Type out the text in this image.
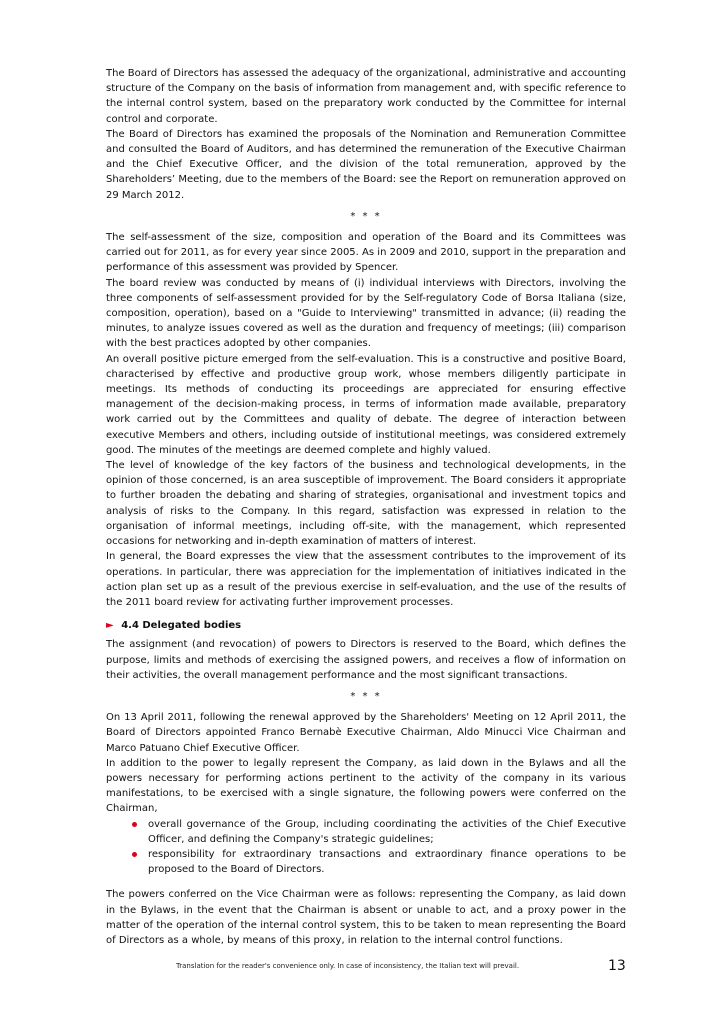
The Board of Directors has assessed the adequacy of the organizational, administrative and accounting structure of the Company on the basis of information from management and, with specific reference to the internal control system, based on the preparatory work conducted by the Committee for internal control and corporate.

The Board of Directors has examined the proposals of the Nomination and Remuneration Committee and consulted the Board of Auditors, and has determined the remuneration of the Executive Chairman and the Chief Executive Officer, and the division of the total remuneration, approved by the Shareholders’ Meeting, due to the members of the Board: see the Report on remuneration approved on 29 March 2012.

* * *

The self-assessment of the size, composition and operation of the Board and its Committees was carried out for 2011, as for every year since 2005. As in 2009 and 2010, support in the preparation and performance of this assessment was provided by Spencer.

The board review was conducted by means of (i) individual interviews with Directors, involving the three components of self-assessment provided for by the Self-regulatory Code of Borsa Italiana (size, composition, operation), based on a "Guide to Interviewing" transmitted in advance; (ii) reading the minutes, to analyze issues covered as well as the duration and frequency of meetings; (iii) comparison with the best practices adopted by other companies.

An overall positive picture emerged from the self-evaluation. This is a constructive and positive Board, characterised by effective and productive group work, whose members diligently participate in meetings. Its methods of conducting its proceedings are appreciated for ensuring effective management of the decision-making process, in terms of information made available, preparatory work carried out by the Committees and quality of debate. The degree of interaction between executive Members and others, including outside of institutional meetings, was considered extremely good. The minutes of the meetings are deemed complete and highly valued.

The level of knowledge of the key factors of the business and technological developments, in the opinion of those concerned, is an area susceptible of improvement. The Board considers it appropriate to further broaden the debating and sharing of strategies, organisational and investment topics and analysis of risks to the Company. In this regard, satisfaction was expressed in relation to the organisation of informal meetings, including off-site, with the management, which represented occasions for networking and in-depth examination of matters of interest.

In general, the Board expresses the view that the assessment contributes to the improvement of its operations. In particular, there was appreciation for the implementation of initiatives indicated in the action plan set up as a result of the previous exercise in self-evaluation, and the use of the results of the 2011 board review for activating further improvement processes.

► 4.4 Delegated bodies

The assignment (and revocation) of powers to Directors is reserved to the Board, which defines the purpose, limits and methods of exercising the assigned powers, and receives a flow of information on their activities, the overall management performance and the most significant transactions.

* * *

On 13 April 2011, following the renewal approved by the Shareholders' Meeting on 12 April 2011, the Board of Directors appointed Franco Bernabè Executive Chairman, Aldo Minucci Vice Chairman and Marco Patuano Chief Executive Officer.

In addition to the power to legally represent the Company, as laid down in the Bylaws and all the powers necessary for performing actions pertinent to the activity of the company in its various manifestations, to be exercised with a single signature, the following powers were conferred on the Chairman,

overall governance of the Group, including coordinating the activities of the Chief Executive Officer, and defining the Company's strategic guidelines;
responsibility for extraordinary transactions and extraordinary finance operations to be proposed to the Board of Directors.

The powers conferred on the Vice Chairman were as follows: representing the Company, as laid down in the Bylaws, in the event that the Chairman is absent or unable to act, and a proxy power in the matter of the operation of the internal control system, this to be taken to mean representing the Board of Directors as a whole, by means of this proxy, in relation to the internal control functions.

Translation for the reader's convenience only. In case of inconsistency, the Italian text will prevail.	13
